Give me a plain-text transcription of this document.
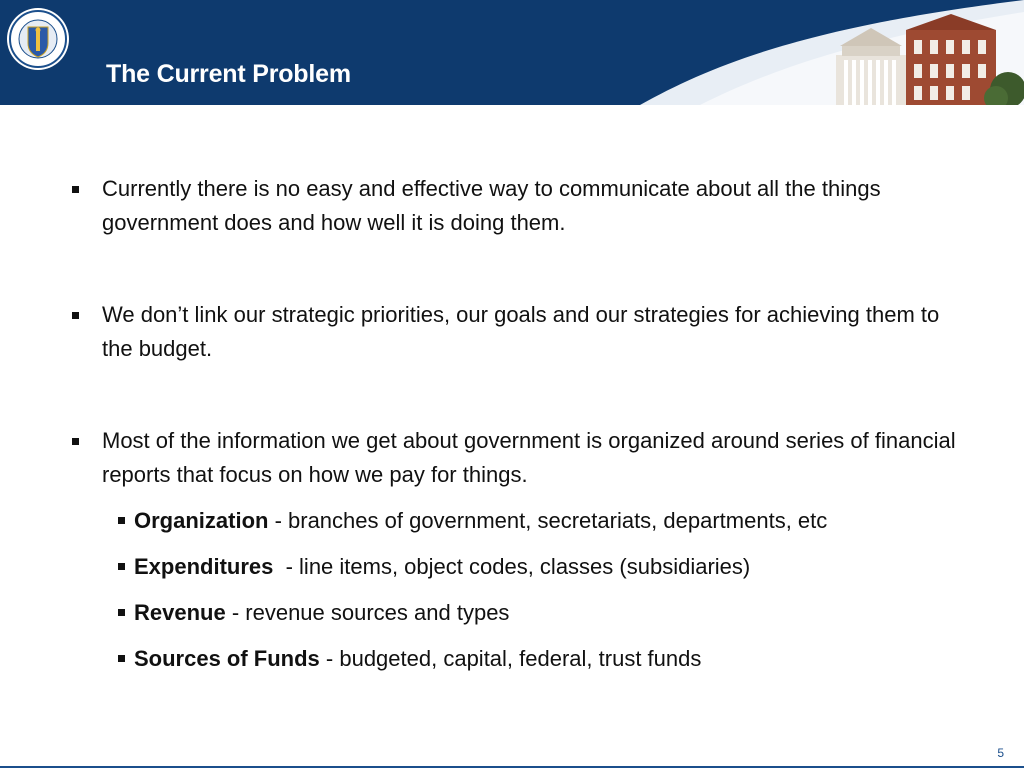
The Current Problem
Currently there is no easy and effective way to communicate about all the things government does and how well it is doing them.
We don’t link our strategic priorities, our goals and our strategies for achieving them to the budget.
Most of the information we get about government is organized around series of financial reports that focus on how we pay for things.
Organization - branches of government, secretariats, departments, etc
Expenditures  - line items, object codes, classes (subsidiaries)
Revenue - revenue sources and types
Sources of Funds - budgeted, capital, federal, trust funds
5
